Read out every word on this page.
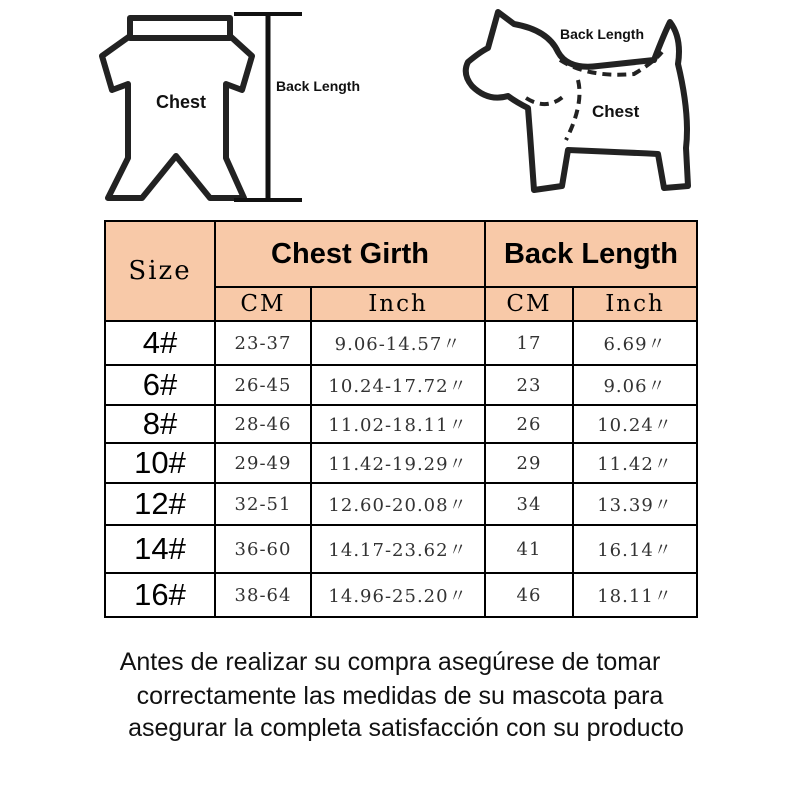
Chest
Back Length
Back Length
Chest
Size	Chest Girth		Back Length	
	CM	Inch	CM	Inch
4#	23-37	9.06-14.57〃	17	6.69〃
6#	26-45	10.24-17.72〃	23	9.06〃
8#	28-46	11.02-18.11〃	26	10.24〃
10#	29-49	11.42-19.29〃	29	11.42〃
12#	32-51	12.60-20.08〃	34	13.39〃
14#	36-60	14.17-23.62〃	41	16.14〃
16#	38-64	14.96-25.20〃	46	18.11〃
Antes de realizar su compra asegúrese de tomar
correctamente las medidas de su mascota para
asegurar la completa satisfacción con su producto
